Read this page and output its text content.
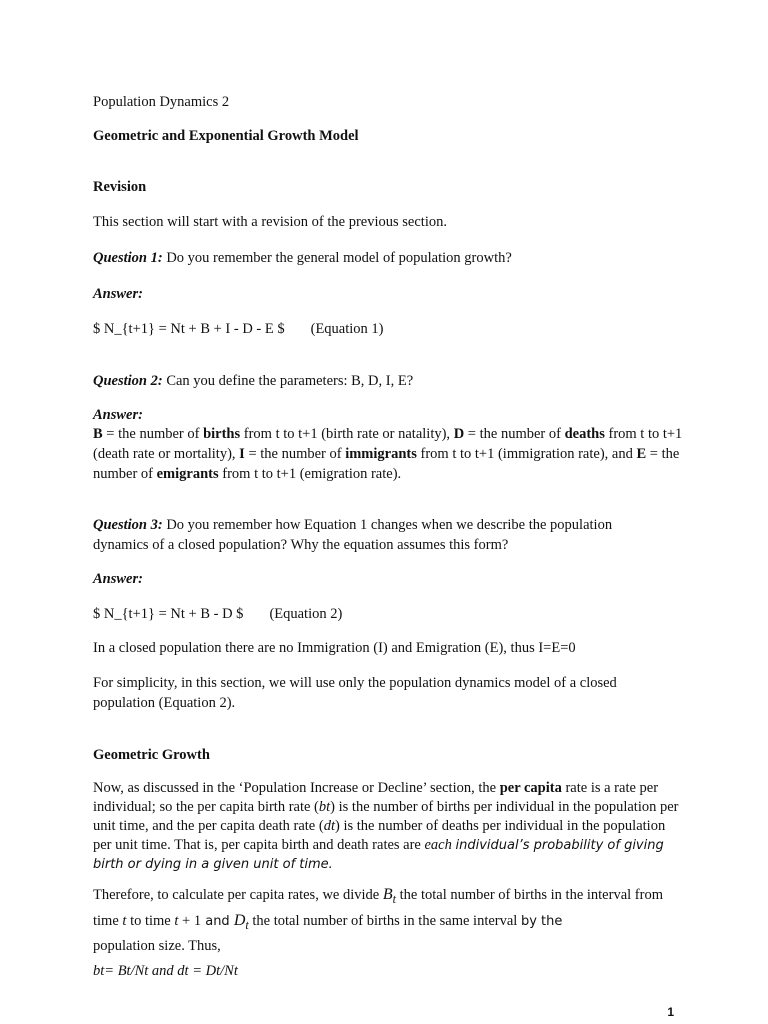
Population Dynamics 2

Geometric and Exponential Growth Model

Revision

This section will start with a revision of the previous section.

Question 1: Do you remember the general model of population growth?

Answer:

$ N_{t+1} = Nt + B + I - D - E $ (Equation 1)

Question 2: Can you define the parameters: B, D, I, E?

Answer:

B = the number of births from t to t+1 (birth rate or natality), D = the number of deaths from t to t+1 (death rate or mortality), I = the number of immigrants from t to t+1 (immigration rate), and E = the number of emigrants from t to t+1 (emigration rate).

Question 3: Do you remember how Equation 1 changes when we describe the population dynamics of a closed population? Why the equation assumes this form?

Answer:

$ N_{t+1} = Nt + B - D $ (Equation 2)

In a closed population there are no Immigration (I) and Emigration (E), thus I=E=0

For simplicity, in this section, we will use only the population dynamics model of a closed population (Equation 2).

Geometric Growth

Now, as discussed in the ‘Population Increase or Decline’ section, the per capita rate is a rate per individual; so the per capita birth rate (bt) is the number of births per individual in the population per unit time, and the per capita death rate (dt) is the number of deaths per individual in the population per unit time. That is, per capita birth and death rates are each individual’s probability of giving birth or dying in a given unit of time.

Therefore, to calculate per capita rates, we divide $B_t$ the total number of births in the interval from time t to time t + 1 and $D_t$ the total number of births in the same interval by the
population size. Thus,

bt= Bt/Nt and dt = Dt/Nt

1
